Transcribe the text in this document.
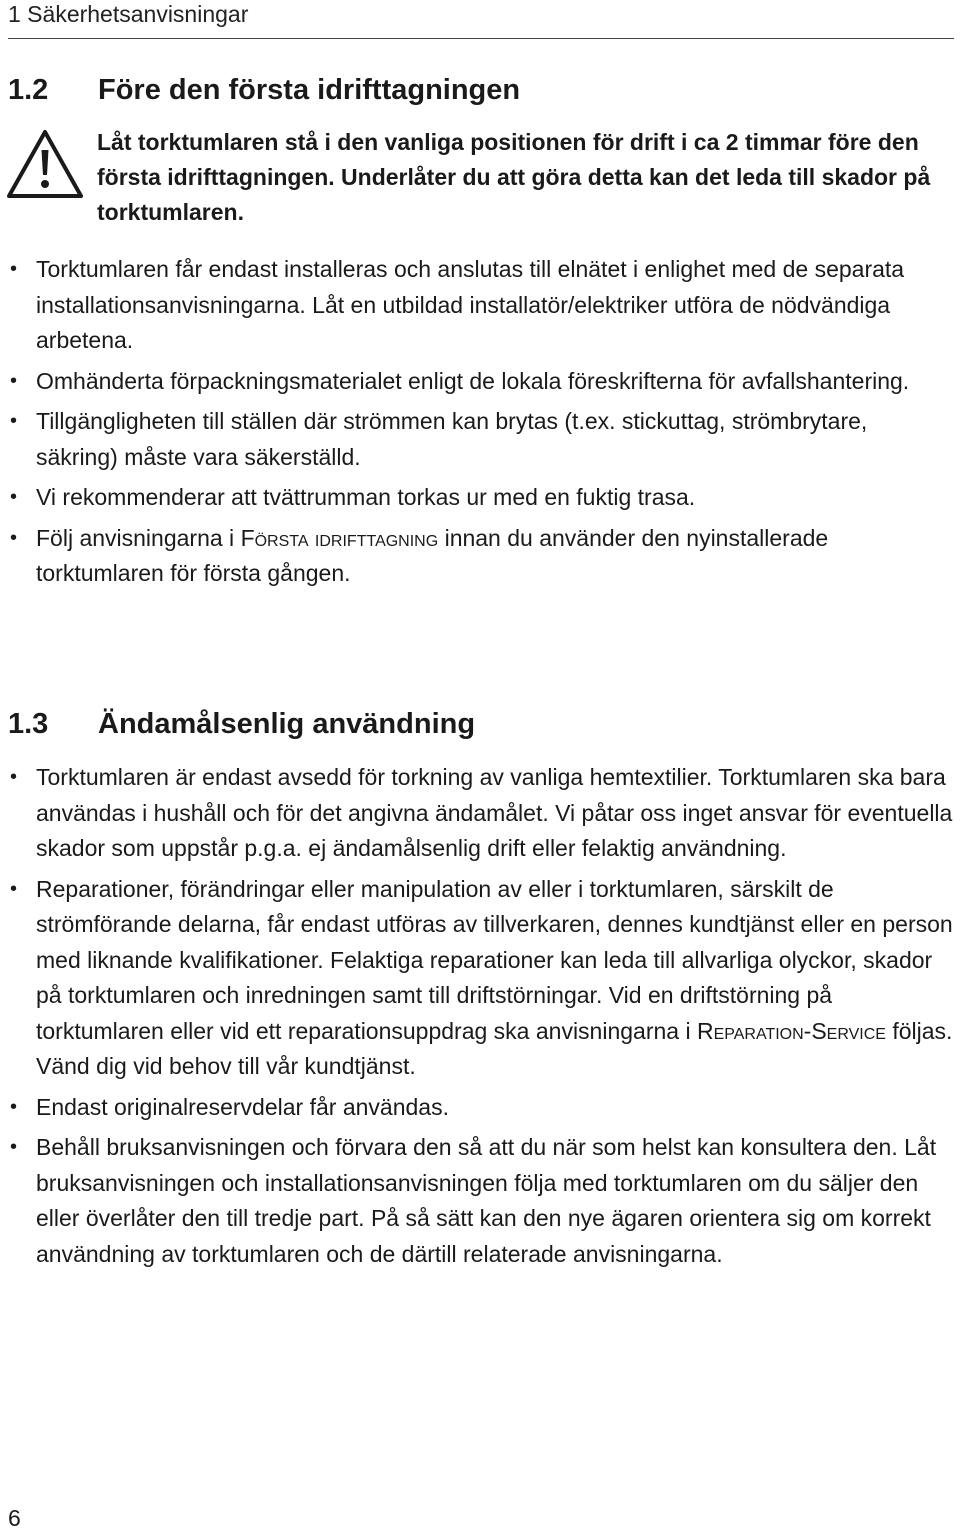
1 Säkerhetsanvisningar
1.2 Före den första idrifttagningen
Låt torktumlaren stå i den vanliga positionen för drift i ca 2 timmar före den första idrifttagningen. Underlåter du att göra detta kan det leda till skador på torktumlaren.
• Torktumlaren får endast installeras och anslutas till elnätet i enlighet med de separata installationsanvisningarna. Låt en utbildad installatör/elektriker utföra de nödvändiga arbetena.
• Omhänderta förpackningsmaterialet enligt de lokala föreskrifterna för avfallshantering.
• Tillgängligheten till ställen där strömmen kan brytas (t.ex. stickuttag, strömbrytare, säkring) måste vara säkerställd.
• Vi rekommenderar att tvättrumman torkas ur med en fuktig trasa.
• Följ anvisningarna i Första idrifttagning innan du använder den nyinstallerade torktumlaren för första gången.
1.3 Ändamålsenlig användning
• Torktumlaren är endast avsedd för torkning av vanliga hemtextilier. Torktumlaren ska bara användas i hushåll och för det angivna ändamålet. Vi påtar oss inget ansvar för eventuella skador som uppstår p.g.a. ej ändamålsenlig drift eller felaktig användning.
• Reparationer, förändringar eller manipulation av eller i torktumlaren, särskilt de strömförande delarna, får endast utföras av tillverkaren, dennes kundtjänst eller en person med liknande kvalifikationer. Felaktiga reparationer kan leda till allvarliga olyckor, skador på torktumlaren och inredningen samt till driftstörningar. Vid en driftstörning på torktumlaren eller vid ett reparationsuppdrag ska anvisningarna i Reparation-Service följas. Vänd dig vid behov till vår kundtjänst.
• Endast originalreservdelar får användas.
• Behåll bruksanvisningen och förvara den så att du när som helst kan konsultera den. Låt bruksanvisningen och installationsanvisningen följa med torktumlaren om du säljer den eller överlåter den till tredje part. På så sätt kan den nye ägaren orientera sig om korrekt användning av torktumlaren och de därtill relaterade anvisningarna.
6
